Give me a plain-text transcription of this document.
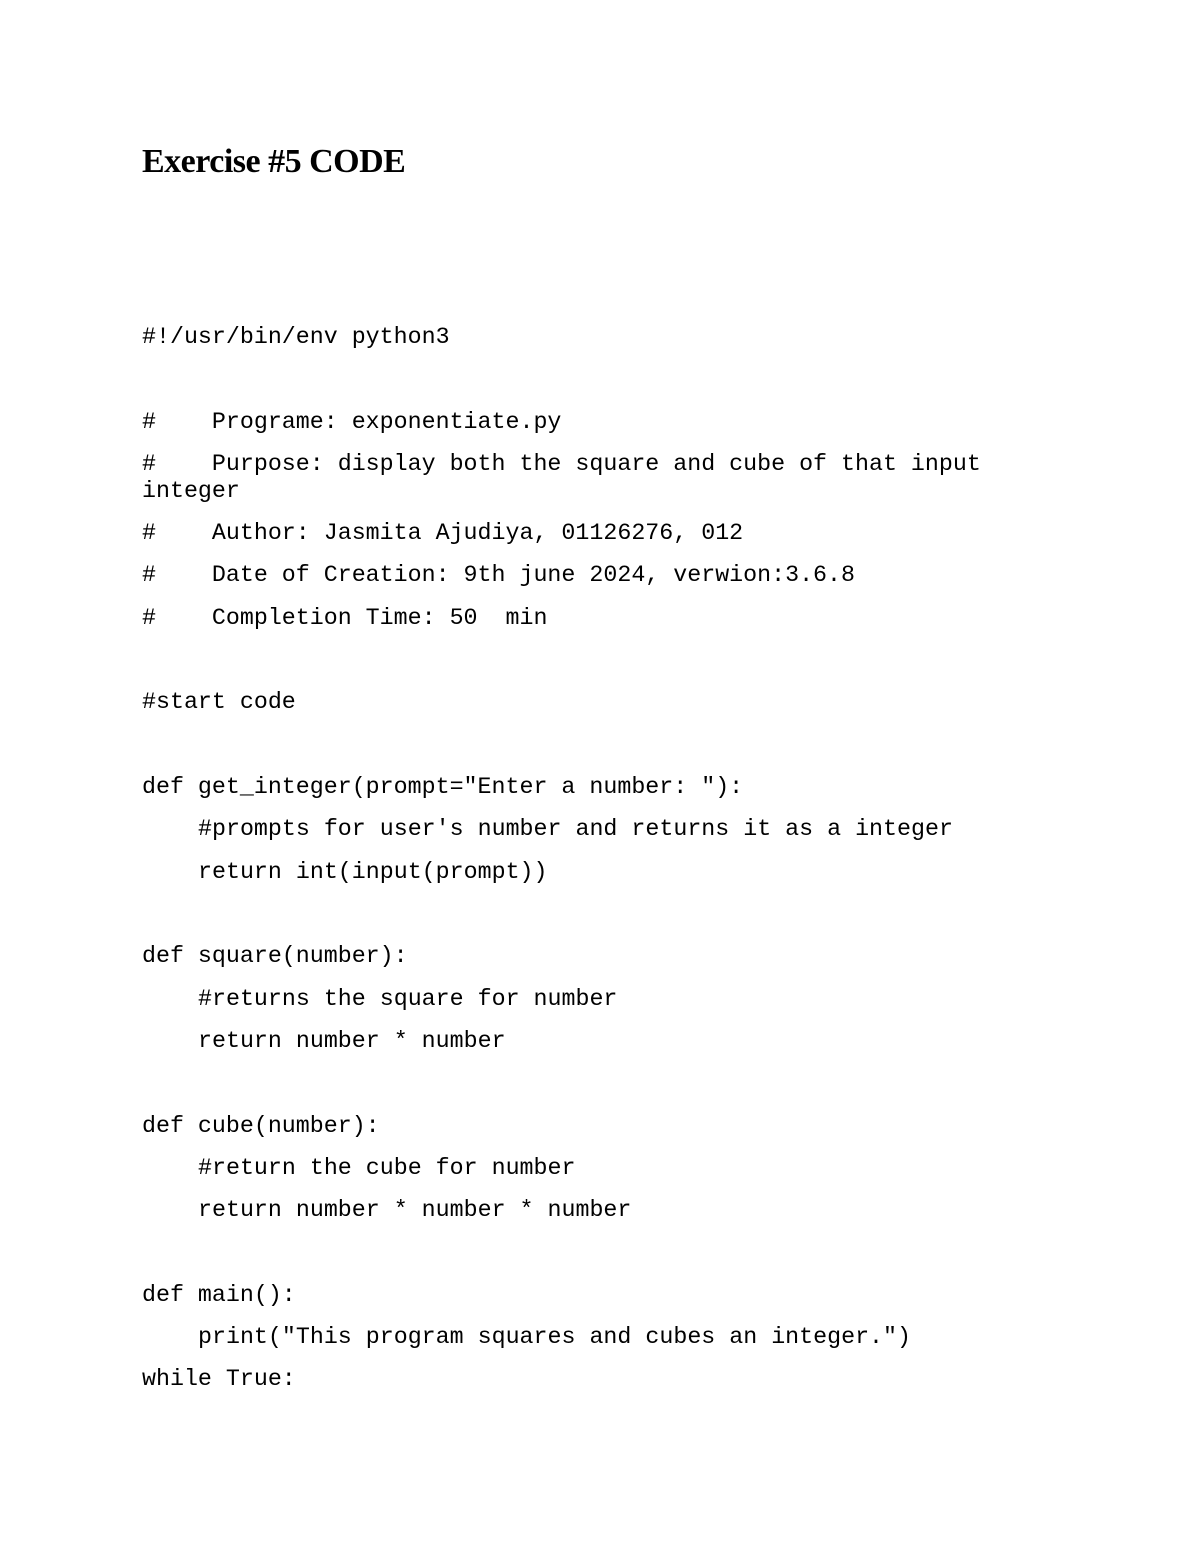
Exercise #5 CODE
#!/usr/bin/env python3
#    Programe: exponentiate.py
#    Purpose: display both the square and cube of that input
integer
#    Author: Jasmita Ajudiya, 01126276, 012
#    Date of Creation: 9th june 2024, verwion:3.6.8
#    Completion Time: 50  min
#start code
def get_integer(prompt="Enter a number: "):
#prompts for user's number and returns it as a integer
return int(input(prompt))
def square(number):
#returns the square for number
return number * number
def cube(number):
#return the cube for number
return number * number * number
def main():
print("This program squares and cubes an integer.")
while True:
